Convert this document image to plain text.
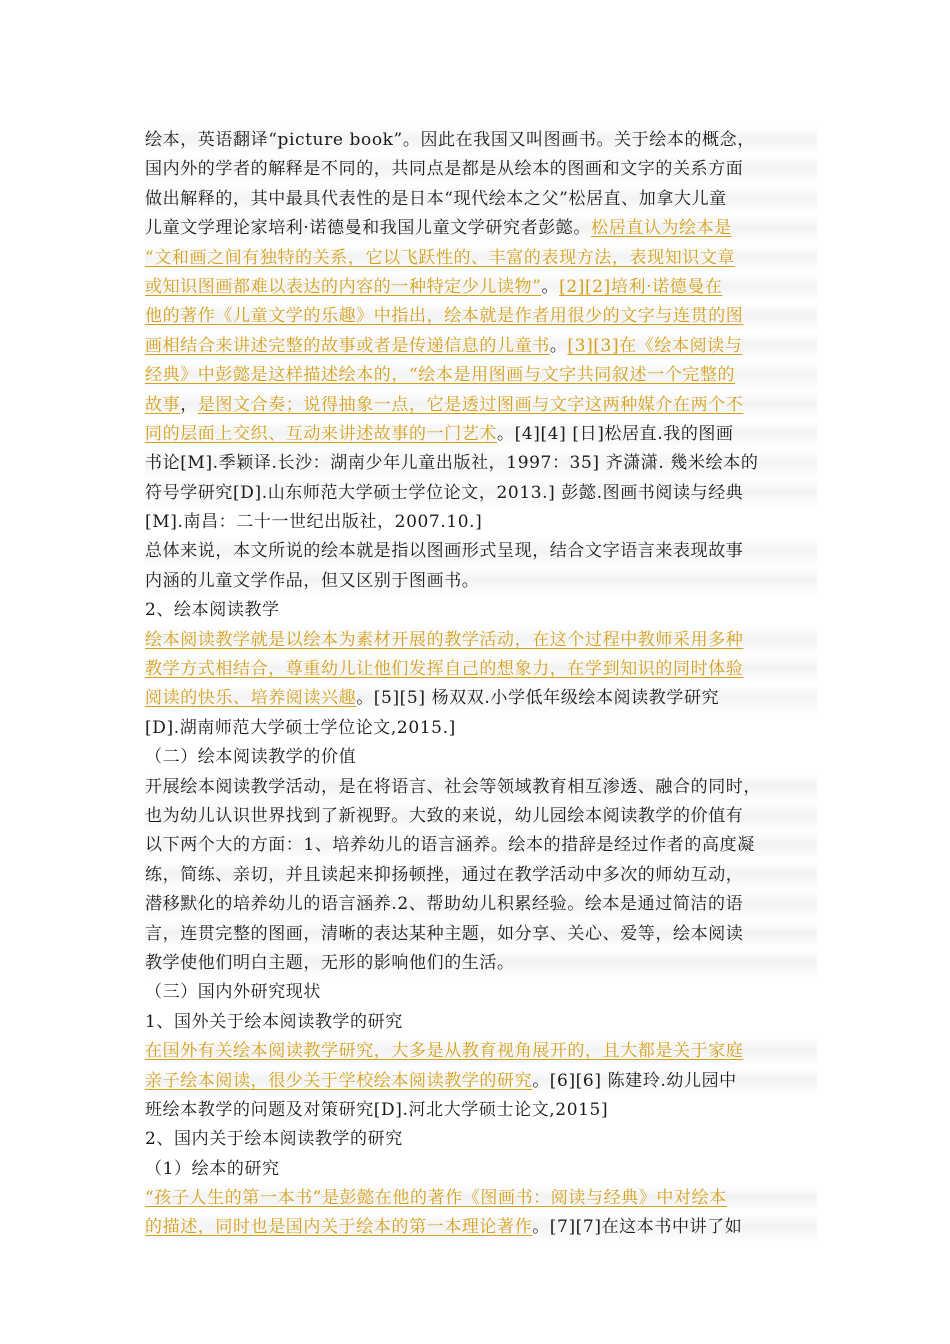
绘本，英语翻译“picture book”。因此在我国又叫图画书。关于绘本的概念，
国内外的学者的解释是不同的，共同点是都是从绘本的图画和文字的关系方面
做出解释的，其中最具代表性的是日本“现代绘本之父”松居直、加拿大儿童
儿童文学理论家培利·诺德曼和我国儿童文学研究者彭懿。松居直认为绘本是
“文和画之间有独特的关系，它以飞跃性的、丰富的表现方法，表现知识文章
或知识图画都难以表达的内容的一种特定少儿读物”。[2][2]培利·诺德曼在
他的著作《儿童文学的乐趣》中指出，绘本就是作者用很少的文字与连贯的图
画相结合来讲述完整的故事或者是传递信息的儿童书。[3][3]在《绘本阅读与
经典》中彭懿是这样描述绘本的，“绘本是用图画与文字共同叙述一个完整的
故事，是图文合奏；说得抽象一点，它是透过图画与文字这两种媒介在两个不
同的层面上交织、互动来讲述故事的一门艺术。[4][4] [日]松居直.我的图画
书论[M].季颖译.长沙：湖南少年儿童出版社，1997：35] 齐潇潇. 幾米绘本的
符号学研究[D].山东师范大学硕士学位论文，2013.] 彭懿.图画书阅读与经典
[M].南昌：二十一世纪出版社，2007.10.]
总体来说，本文所说的绘本就是指以图画形式呈现，结合文字语言来表现故事
内涵的儿童文学作品，但又区别于图画书。
2、绘本阅读教学
绘本阅读教学就是以绘本为素材开展的教学活动，在这个过程中教师采用多种
教学方式相结合，尊重幼儿让他们发挥自己的想象力，在学到知识的同时体验
阅读的快乐、培养阅读兴趣。[5][5] 杨双双.小学低年级绘本阅读教学研究
[D].湖南师范大学硕士学位论文,2015.]
（二）绘本阅读教学的价值
开展绘本阅读教学活动，是在将语言、社会等领域教育相互渗透、融合的同时，
也为幼儿认识世界找到了新视野。大致的来说，幼儿园绘本阅读教学的价值有
以下两个大的方面：1、培养幼儿的语言涵养。绘本的措辞是经过作者的高度凝
练，简练、亲切，并且读起来抑扬顿挫，通过在教学活动中多次的师幼互动，
潜移默化的培养幼儿的语言涵养.2、帮助幼儿积累经验。绘本是通过简洁的语
言，连贯完整的图画，清晰的表达某种主题，如分享、关心、爱等，绘本阅读
教学使他们明白主题，无形的影响他们的生活。
（三）国内外研究现状
1、国外关于绘本阅读教学的研究
在国外有关绘本阅读教学研究，大多是从教育视角展开的，且大都是关于家庭
亲子绘本阅读，很少关于学校绘本阅读教学的研究。[6][6] 陈建玲.幼儿园中
班绘本教学的问题及对策研究[D].河北大学硕士论文,2015]
2、国内关于绘本阅读教学的研究
（1）绘本的研究
“孩子人生的第一本书”是彭懿在他的著作《图画书：阅读与经典》中对绘本
的描述，同时也是国内关于绘本的第一本理论著作。[7][7]在这本书中讲了如
